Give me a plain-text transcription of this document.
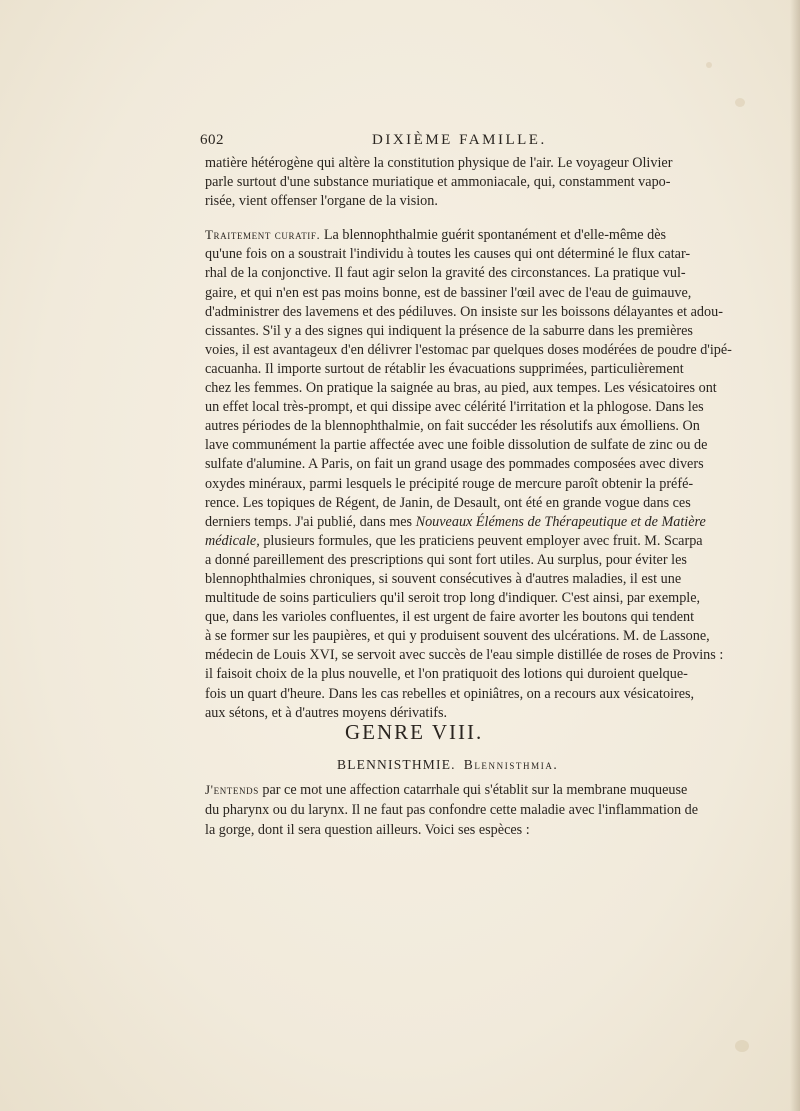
602	DIXIÈME FAMILLE.

matière hétérogène qui altère la constitution physique de l'air. Le voyageur Olivier
parle surtout d'une substance muriatique et ammoniacale, qui, constamment vapo-
risée, vient offenser l'organe de la vision.

Traitement curatif. La blennophthalmie guérit spontanément et d'elle-même dès
qu'une fois on a soustrait l'individu à toutes les causes qui ont déterminé le flux catar-
rhal de la conjonctive. Il faut agir selon la gravité des circonstances. La pratique vul-
gaire, et qui n'en est pas moins bonne, est de bassiner l'œil avec de l'eau de guimauve,
d'administrer des lavemens et des pédiluves. On insiste sur les boissons délayantes et adou-
cissantes. S'il y a des signes qui indiquent la présence de la saburre dans les premières
voies, il est avantageux d'en délivrer l'estomac par quelques doses modérées de poudre d'ipé-
cacuanha. Il importe surtout de rétablir les évacuations supprimées, particulièrement
chez les femmes. On pratique la saignée au bras, au pied, aux tempes. Les vésicatoires ont
un effet local très-prompt, et qui dissipe avec célérité l'irritation et la phlogose. Dans les
autres périodes de la blennophthalmie, on fait succéder les résolutifs aux émolliens. On
lave communément la partie affectée avec une foible dissolution de sulfate de zinc ou de
sulfate d'alumine. A Paris, on fait un grand usage des pommades composées avec divers
oxydes minéraux, parmi lesquels le précipité rouge de mercure paroît obtenir la préfé-
rence. Les topiques de Régent, de Janin, de Desault, ont été en grande vogue dans ces
derniers temps. J'ai publié, dans mes Nouveaux Élémens de Thérapeutique et de Matière
médicale, plusieurs formules, que les praticiens peuvent employer avec fruit. M. Scarpa
a donné pareillement des prescriptions qui sont fort utiles. Au surplus, pour éviter les
blennophthalmies chroniques, si souvent consécutives à d'autres maladies, il est une
multitude de soins particuliers qu'il seroit trop long d'indiquer. C'est ainsi, par exemple,
que, dans les varioles confluentes, il est urgent de faire avorter les boutons qui tendent
à se former sur les paupières, et qui y produisent souvent des ulcérations. M. de Lassone,
médecin de Louis XVI, se servoit avec succès de l'eau simple distillée de roses de Provins :
il faisoit choix de la plus nouvelle, et l'on pratiquoit des lotions qui duroient quelque-
fois un quart d'heure. Dans les cas rebelles et opiniâtres, on a recours aux vésicatoires,
aux sétons, et à d'autres moyens dérivatifs.

GENRE VIII.
BLENNISTHMIE. Blennisthmia.

J'entends par ce mot une affection catarrhale qui s'établit sur la membrane muqueuse
du pharynx ou du larynx. Il ne faut pas confondre cette maladie avec l'inflammation de
la gorge, dont il sera question ailleurs. Voici ses espèces :
